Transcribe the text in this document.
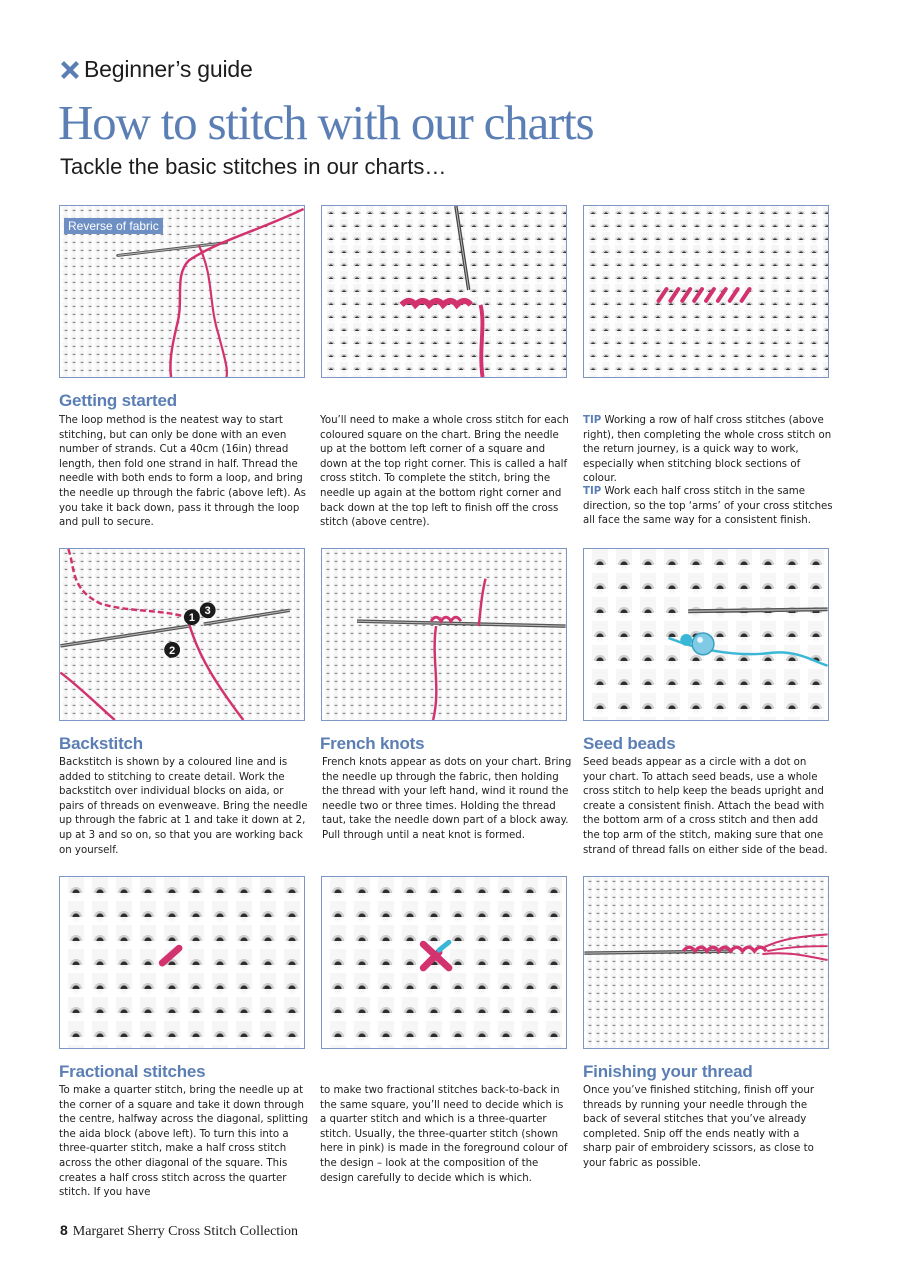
Beginner’s guide
How to stitch with our charts

Tackle the basic stitches in our charts…

Reverse of fabric
Getting started

The loop method is the neatest way to start stitching, but can only be done with an even number of strands. Cut a 40cm (16in) thread length, then fold one strand in half. Thread the needle with both ends to form a loop, and bring the needle up through the fabric (above left). As you take it back down, pass it through the loop and pull to secure.

You’ll need to make a whole cross stitch for each coloured square on the chart. Bring the needle up at the bottom left corner of a square and down at the top right corner. This is called a half cross stitch. To complete the stitch, bring the needle up again at the bottom right corner and back down at the top left to finish off the cross stitch (above centre).

TIP Working a row of half cross stitches (above right), then completing the whole cross stitch on the return journey, is a quick way to work, especially when stitching block sections of colour.

TIP Work each half cross stitch in the same direction, so the top ‘arms’ of your cross stitches all face the same way for a consistent finish.

1
2
3
Backstitch

Backstitch is shown by a coloured line and is added to stitching to create detail. Work the backstitch over individual blocks on aida, or pairs of threads on evenweave. Bring the needle up through the fabric at 1 and take it down at 2, up at 3 and so on, so that you are working back on yourself.

French knots

French knots appear as dots on your chart. Bring the needle up through the fabric, then holding the thread with your left hand, wind it round the needle two or three times. Holding the thread taut, take the needle down part of a block away. Pull through until a neat knot is formed.

Seed beads

Seed beads appear as a circle with a dot on your chart. To attach seed beads, use a whole cross stitch to help keep the beads upright and create a consistent finish. Attach the bead with the bottom arm of a cross stitch and then add the top arm of the stitch, making sure that one strand of thread falls on either side of the bead.

Fractional stitches

To make a quarter stitch, bring the needle up at the corner of a square and take it down through the centre, halfway across the diagonal, splitting the aida block (above left). To turn this into a three-quarter stitch, make a half cross stitch across the other diagonal of the square. This creates a half cross stitch across the quarter stitch. If you have

to make two fractional stitches back-to-back in the same square, you’ll need to decide which is a quarter stitch and which is a three-quarter stitch. Usually, the three-quarter stitch (shown here in pink) is made in the foreground colour of the design – look at the composition of the design carefully to decide which is which.

Finishing your thread

Once you’ve finished stitching, finish off your threads by running your needle through the back of several stitches that you’ve already completed. Snip off the ends neatly with a sharp pair of embroidery scissors, as close to your fabric as possible.

8 Margaret Sherry Cross Stitch Collection
